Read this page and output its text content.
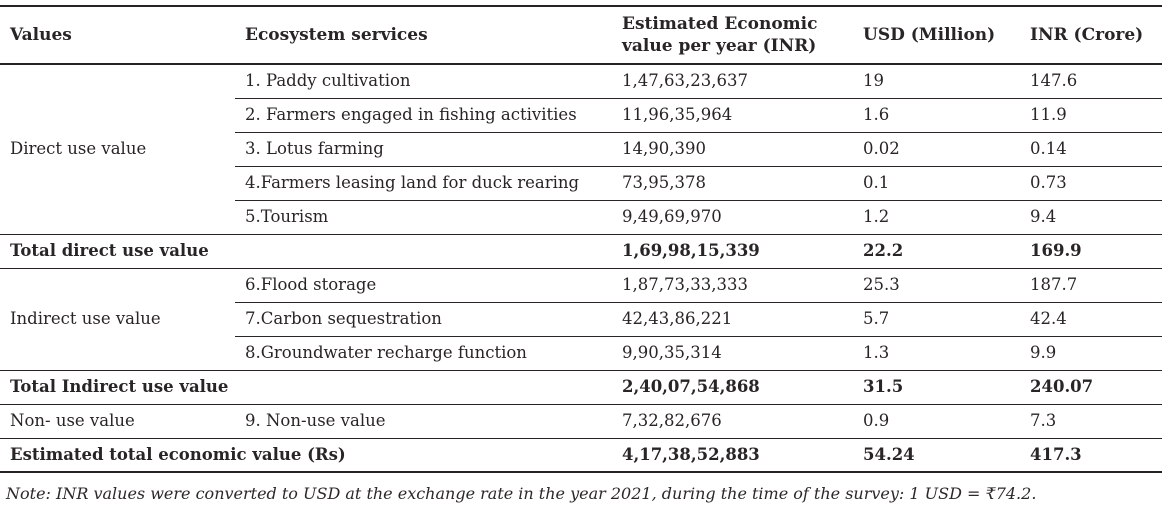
Values	Ecosystem services	Estimated Economic value per year (INR)	USD (Million)	INR (Crore)
Direct use value	1. Paddy cultivation	1,47,63,23,637	19	147.6
	2. Farmers engaged in fishing activities	11,96,35,964	1.6	11.9
	3. Lotus farming	14,90,390	0.02	0.14
	4.Farmers leasing land for duck rearing	73,95,378	0.1	0.73
	5.Tourism	9,49,69,970	1.2	9.4
Total direct use value		1,69,98,15,339	22.2	169.9
Indirect use value	6.Flood storage	1,87,73,33,333	25.3	187.7
	7.Carbon sequestration	42,43,86,221	5.7	42.4
	8.Groundwater recharge function	9,90,35,314	1.3	9.9
Total Indirect use value		2,40,07,54,868	31.5	240.07
Non- use value	9. Non-use value	7,32,82,676	0.9	7.3
Estimated total economic value (Rs)		4,17,38,52,883	54.24	417.3
Note: INR values were converted to USD at the exchange rate in the year 2021, during the time of the survey: 1 USD = ₹74.2.
